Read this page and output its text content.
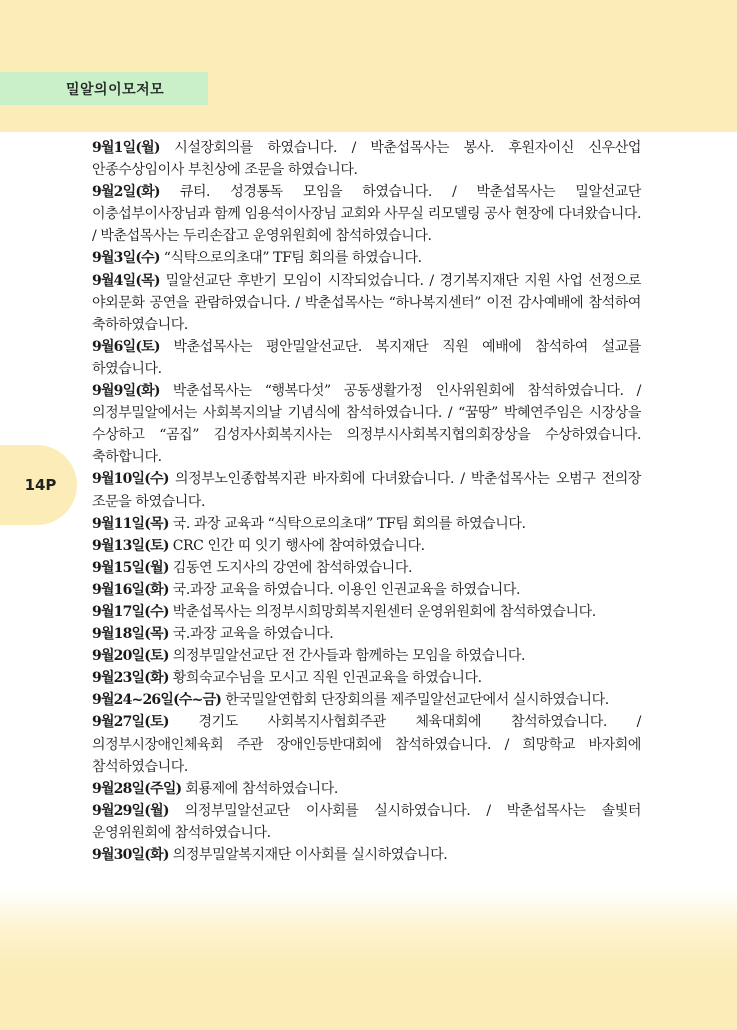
밀알의이모저모
14P

9월1일(월) 시설장회의를 하였습니다. / 박춘섭목사는 봉사. 후원자이신 신우산업 안종수상임이사 부친상에 조문을 하였습니다.

9월2일(화) 큐티. 성경통독 모임을 하였습니다. / 박춘섭목사는 밀알선교단 이충섭부이사장님과 함께 임용석이사장님 교회와 사무실 리모델링 공사 현장에 다녀왔습니다. / 박춘섭목사는 두리손잡고 운영위원회에 참석하였습니다.

9월3일(수) “식탁으로의초대” TF팀 회의를 하였습니다.

9월4일(목) 밀알선교단 후반기 모임이 시작되었습니다. / 경기복지재단 지원 사업 선정으로 야외문화 공연을 관람하였습니다. / 박춘섭목사는 “하나복지센터” 이전 감사예배에 참석하여 축하하였습니다.

9월6일(토) 박춘섭목사는 평안밀알선교단. 복지재단 직원 예배에 참석하여 설교를 하였습니다.

9월9일(화) 박춘섭목사는 “행복다섯” 공동생활가정 인사위원회에 참석하였습니다. / 의정부밀알에서는 사회복지의날 기념식에 참석하였습니다. / “꿈땅” 박혜연주임은 시장상을 수상하고 “곰집” 김성자사회복지사는 의정부시사회복지협의회장상을 수상하였습니다. 축하합니다.

9월10일(수) 의정부노인종합복지관 바자회에 다녀왔습니다. / 박춘섭목사는 오범구 전의장 조문을 하였습니다.

9월11일(목) 국. 과장 교육과 “식탁으로의초대” TF팀 회의를 하였습니다.

9월13일(토) CRC 인간 띠 잇기 행사에 참여하였습니다.

9월15일(월) 김동연 도지사의 강연에 참석하였습니다.

9월16일(화) 국.과장 교육을 하였습니다. 이용인 인권교육을 하였습니다.

9월17일(수) 박춘섭목사는 의정부시희망회복지원센터 운영위원회에 참석하였습니다.

9월18일(목) 국.과장 교육을 하였습니다.

9월20일(토) 의정부밀알선교단 전 간사들과 함께하는 모임을 하였습니다.

9월23일(화) 황희숙교수님을 모시고 직원 인권교육을 하였습니다.

9월24~26일(수~금) 한국밀알연합회 단장회의를 제주밀알선교단에서 실시하였습니다.

9월27일(토) 경기도 사회복지사협회주관 체육대회에 참석하였습니다. / 의정부시장애인체육회 주관 장애인등반대회에 참석하였습니다. / 희망학교 바자회에 참석하였습니다.

9월28일(주일) 회룡제에 참석하였습니다.

9월29일(월) 의정부밀알선교단 이사회를 실시하였습니다. / 박춘섭목사는 솔빛터 운영위원회에 참석하였습니다.

9월30일(화) 의정부밀알복지재단 이사회를 실시하였습니다.
